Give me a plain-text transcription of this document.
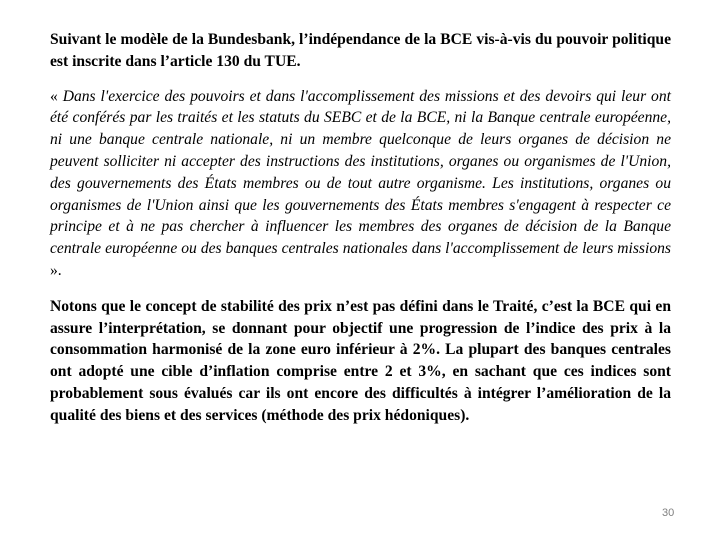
Suivant le modèle de la Bundesbank, l’indépendance de la BCE vis-à-vis du pouvoir politique est inscrite dans l’article 130 du TUE.

« Dans l'exercice des pouvoirs et dans l'accomplissement des missions et des devoirs qui leur ont été conférés par les traités et les statuts du SEBC et de la BCE, ni la Banque centrale européenne, ni une banque centrale nationale, ni un membre quelconque de leurs organes de décision ne peuvent solliciter ni accepter des instructions des institutions, organes ou organismes de l'Union, des gouvernements des États membres ou de tout autre organisme. Les institutions, organes ou organismes de l'Union ainsi que les gouvernements des États membres s'engagent à respecter ce principe et à ne pas chercher à influencer les membres des organes de décision de la Banque centrale européenne ou des banques centrales nationales dans l'accomplissement de leurs missions ».

Notons que le concept de stabilité des prix n’est pas défini dans le Traité, c’est la BCE qui en assure l’interprétation, se donnant pour objectif une progression de l’indice des prix à la consommation harmonisé de la zone euro inférieur à 2%. La plupart des banques centrales ont adopté une cible d’inflation comprise entre 2 et 3%, en sachant que ces indices sont probablement sous évalués car ils ont encore des difficultés à intégrer l’amélioration de la qualité des biens et des services (méthode des prix hédoniques).

30
